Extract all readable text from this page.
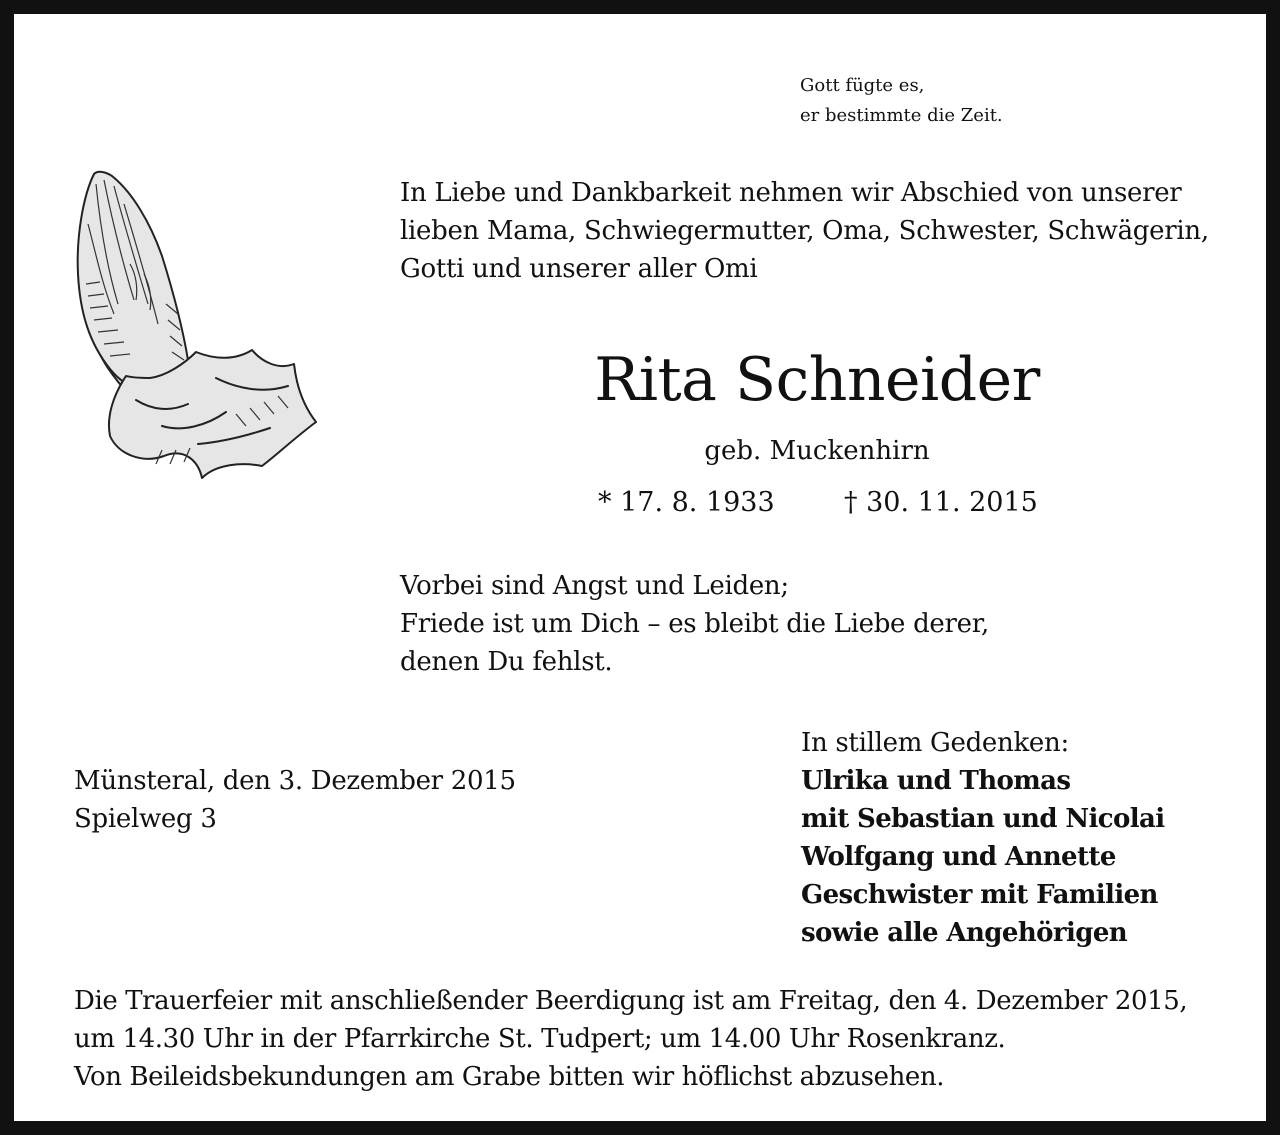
Gott fügte es,
er bestimmte die Zeit.
In Liebe und Dankbarkeit nehmen wir Abschied von unserer
lieben Mama, Schwiegermutter, Oma, Schwester, Schwägerin,
Gotti und unserer aller Omi
Rita Schneider
geb. Muckenhirn
* 17. 8. 1933	† 30. 11. 2015
Vorbei sind Angst und Leiden;
Friede ist um Dich – es bleibt die Liebe derer,
denen Du fehlst.
Münsteral, den 3. Dezember 2015
Spielweg 3
In stillem Gedenken:
Ulrika und Thomas
mit Sebastian und Nicolai
Wolfgang und Annette
Geschwister mit Familien
sowie alle Angehörigen
Die Trauerfeier mit anschließender Beerdigung ist am Freitag, den 4. Dezember 2015,
um 14.30 Uhr in der Pfarrkirche St. Tudpert; um 14.00 Uhr Rosenkranz.
Von Beileidsbekundungen am Grabe bitten wir höflichst abzusehen.
